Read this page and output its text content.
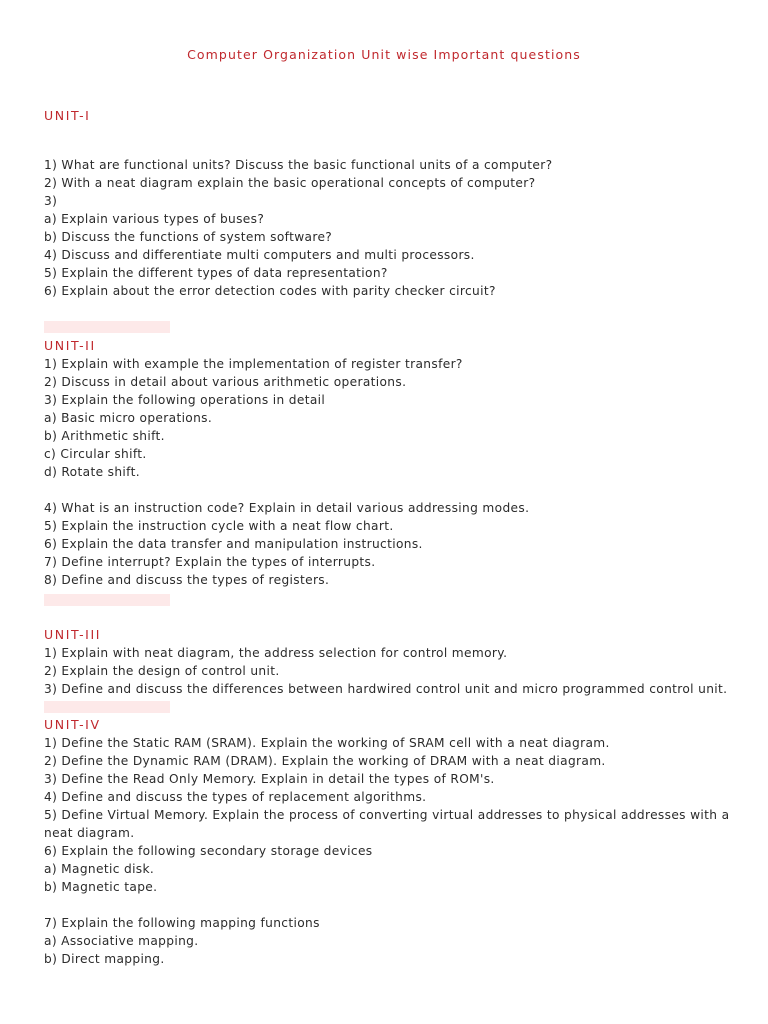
Computer Organization Unit wise Important questions
UNIT-I
1) What are functional units? Discuss the basic functional units of a computer?
2) With a neat diagram explain the basic operational concepts of computer?
3)
a) Explain various types of buses?
b) Discuss the functions of system software?
4) Discuss and differentiate multi computers and multi processors.
5) Explain the different types of data representation?
6) Explain about the error detection codes with parity checker circuit?
UNIT-II
1) Explain with example the implementation of register transfer?
2) Discuss in detail about various arithmetic operations.
3) Explain the following operations in detail
a) Basic micro operations.
b) Arithmetic shift.
c) Circular shift.
d) Rotate shift.
4) What is an instruction code? Explain in detail various addressing modes.
5) Explain the instruction cycle with a neat flow chart.
6) Explain the data transfer and manipulation instructions.
7) Define interrupt? Explain the types of interrupts.
8) Define and discuss the types of registers.
UNIT-III
1) Explain with neat diagram, the address selection for control memory.
2) Explain the design of control unit.
3) Define and discuss the differences between hardwired control unit and micro programmed control unit.
UNIT-IV
1) Define the Static RAM (SRAM). Explain the working of SRAM cell with a neat diagram.
2) Define the Dynamic RAM (DRAM). Explain the working of DRAM with a neat diagram.
3) Define the Read Only Memory. Explain in detail the types of ROM's.
4) Define and discuss the types of replacement algorithms.
5) Define Virtual Memory. Explain the process of converting virtual addresses to physical addresses with a
neat diagram.
6) Explain the following secondary storage devices
a) Magnetic disk.
b) Magnetic tape.
7) Explain the following mapping functions
a) Associative mapping.
b) Direct mapping.
